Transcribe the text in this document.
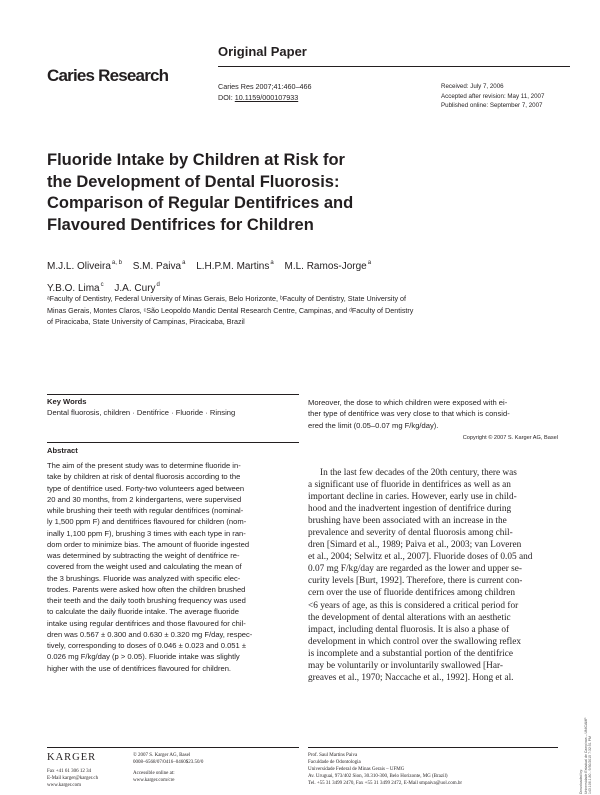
Original Paper
Caries Research
Caries Res 2007;41:460–466
DOI: 10.1159/000107933
Received: July 7, 2006
Accepted after revision: May 11, 2007
Published online: September 7, 2007
Fluoride Intake by Children at Risk for
the Development of Dental Fluorosis:
Comparison of Regular Dentifrices and
Flavoured Dentifrices for Children
M.J.L. Oliveira$^{a, b}$ S.M. Paiva$^a$ L.H.P.M. Martins$^a$ M.L. Ramos-Jorge$^a$
Y.B.O. Lima$^c$ J.A. Cury$^d$
ᵃFaculty of Dentistry, Federal University of Minas Gerais, Belo Horizonte, ᵇFaculty of Dentistry, State University of
Minas Gerais, Montes Claros, ᶜSão Leopoldo Mandic Dental Research Centre, Campinas, and ᵈFaculty of Dentistry
of Piracicaba, State University of Campinas, Piracicaba, Brazil
Key Words
Dental fluorosis, children · Dentifrice · Fluoride · Rinsing
Abstract
The aim of the present study was to determine fluoride in-
take by children at risk of dental fluorosis according to the
type of dentifrice used. Forty-two volunteers aged between
20 and 30 months, from 2 kindergartens, were supervised
while brushing their teeth with regular dentifrices (nominal-
ly 1,500 ppm F) and dentifrices flavoured for children (nom-
inally 1,100 ppm F), brushing 3 times with each type in ran-
dom order to minimize bias. The amount of fluoride ingested
was determined by subtracting the weight of dentifrice re-
covered from the weight used and calculating the mean of
the 3 brushings. Fluoride was analyzed with specific elec-
trodes. Parents were asked how often the children brushed
their teeth and the daily tooth brushing frequency was used
to calculate the daily fluoride intake. The average fluoride
intake using regular dentifrices and those flavoured for chil-
dren was 0.567 ± 0.300 and 0.630 ± 0.320 mg F/day, respec-
tively, corresponding to doses of 0.046 ± 0.023 and 0.051 ±
0.026 mg F/kg/day (p > 0.05). Fluoride intake was slightly
higher with the use of dentifrices flavoured for children.
Moreover, the dose to which children were exposed with ei-
ther type of dentifrice was very close to that which is consid-
ered the limit (0.05–0.07 mg F/kg/day).
Copyright © 2007 S. Karger AG, Basel

In the last few decades of the 20th century, there was

a significant use of fluoride in dentifrices as well as an
important decline in caries. However, early use in child-
hood and the inadvertent ingestion of dentifrice during
brushing have been associated with an increase in the
prevalence and severity of dental fluorosis among chil-
dren [Simard et al., 1989; Paiva et al., 2003; van Loveren
et al., 2004; Selwitz et al., 2007]. Fluoride doses of 0.05 and
0.07 mg F/kg/day are regarded as the lower and upper se-
curity levels [Burt, 1992]. Therefore, there is current con-
cern over the use of fluoride dentifrices among children
<6 years of age, as this is considered a critical period for
the development of dental alterations with an aesthetic
impact, including dental fluorosis. It is also a phase of
development in which control over the swallowing reflex
is incomplete and a substantial portion of the dentifrice
may be voluntarily or involuntarily swallowed [Har-
greaves et al., 1970; Naccache et al., 1992]. Hong et al.
KARGER
Fax +41 61 306 12 34
E-Mail karger@karger.ch
www.karger.com
© 2007 S. Karger AG, Basel
0008–6568/07/0416–0460$23.50/0
Accessible online at:
www.karger.com/cre
Prof. Saul Martins Paiva
Faculdade de Odontologia
Universidade Federal de Minas Gerais – UFMG
Av. Uruguai, 973/402 Sion, 30.310-300, Belo Horizonte, MG (Brazil)
Tel. +55 31 3499 2470, Fax +55 31 3499 2472, E-Mail smpaiva@uol.com.br	Downloaded by: Universidade Estadual de Campinas – UNICAMP 143.106.1.80 - 9/30/2015 7:32:51 PM
